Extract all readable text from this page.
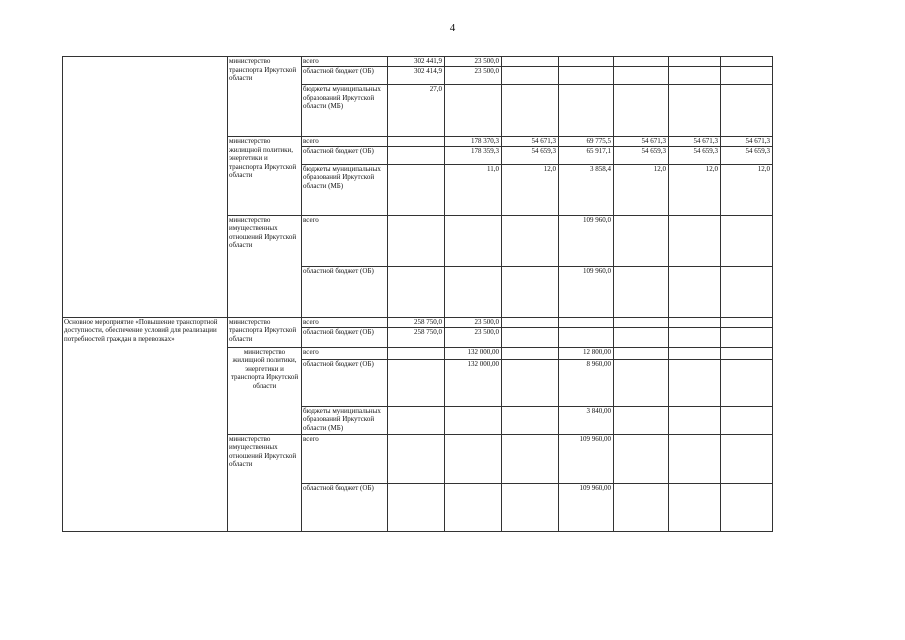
4
	министерство транспорта Иркутской области	всего	302 441,9	23 500,0					
		областной бюджет (ОБ)	302 414,9	23 500,0					
		бюджеты муниципальных образований Иркутской области (МБ)	27,0						
	министерство жилищной политики, энергетики и транспорта Иркутской области	всего		178 370,3	54 671,3	69 775,5	54 671,3	54 671,3	54 671,3
		областной бюджет (ОБ)		178 359,3	54 659,3	65 917,1	54 659,3	54 659,3	54 659,3
		бюджеты муниципальных образований Иркутской области (МБ)		11,0	12,0	3 858,4	12,0	12,0	12,0
	министерство имущественных отношений Иркутской области	всего				109 960,0			
		областной бюджет (ОБ)				109 960,0			
Основное мероприятие «Повышение транспортной доступности, обеспечение условий для реализации потребностей граждан в перевозках»	министерство транспорта Иркутской области	всего	258 750,0	23 500,0					
		областной бюджет (ОБ)	258 750,0	23 500,0					
	министерство жилищной политики, энергетики и транспорта Иркутской области	всего		132 000,00		12 800,00			
		областной бюджет (ОБ)		132 000,00		8 960,00			
		бюджеты муниципальных образований Иркутской области (МБ)				3 840,00			
	министерство имущественных отношений Иркутской области	всего				109 960,00			
		областной бюджет (ОБ)				109 960,00			
